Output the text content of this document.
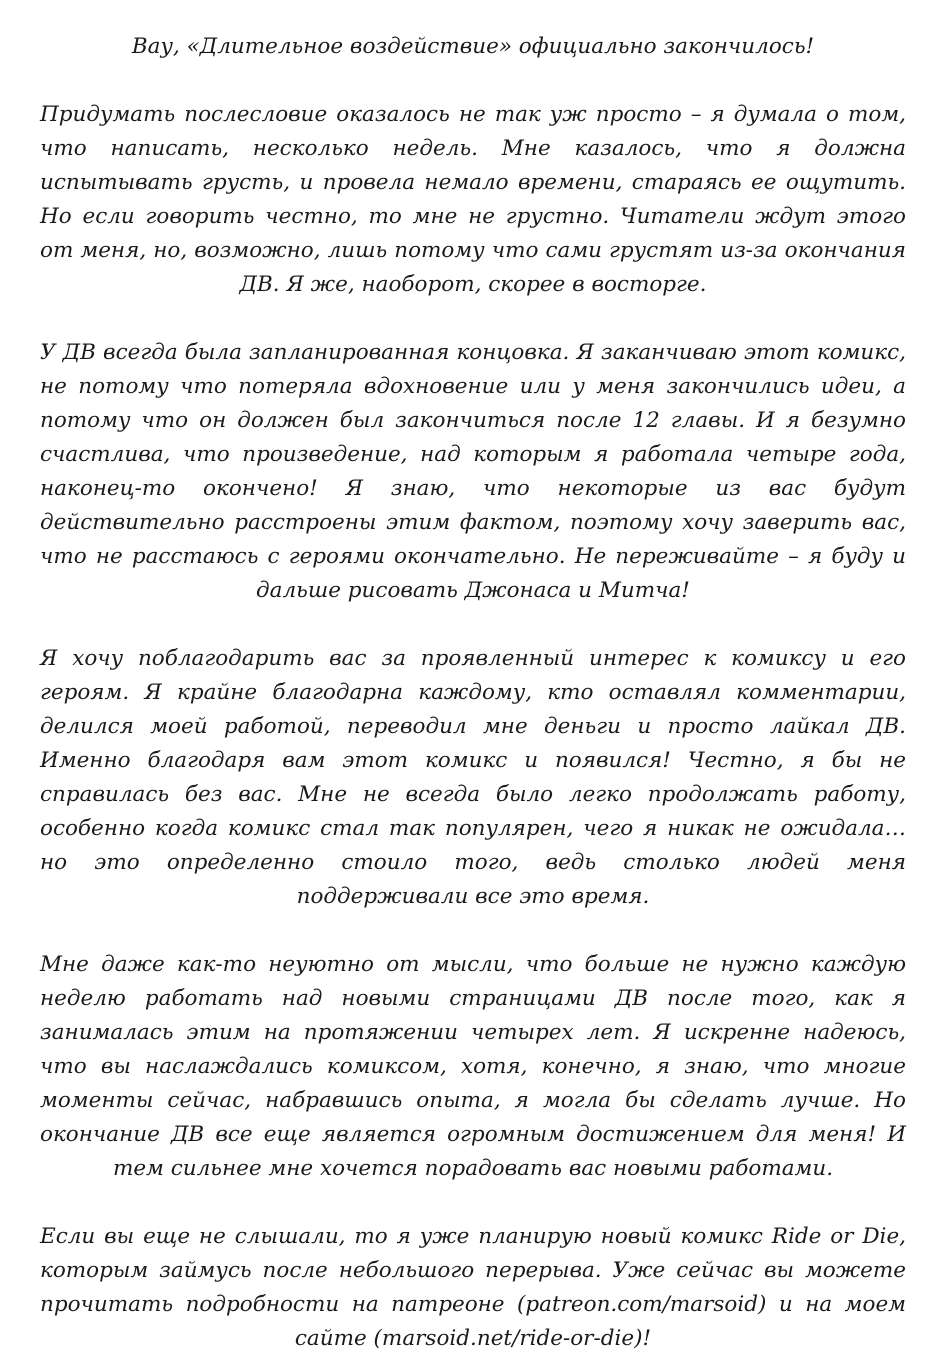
Вау, «Длительное воздействие» официально закончилось!

Придумать послесловие оказалось не так уж просто – я думала о том, что написать, несколько недель. Мне казалось, что я должна испытывать грусть, и провела немало времени, стараясь ее ощутить. Но если говорить честно, то мне не грустно. Читатели ждут этого от меня, но, возможно, лишь потому что сами грустят из-за окончания ДВ. Я же, наоборот, скорее в восторге.

У ДВ всегда была запланированная концовка. Я заканчиваю этот комикс, не потому что потеряла вдохновение или у меня закончились идеи, а потому что он должен был закончиться после 12 главы. И я безумно счастлива, что произведение, над которым я работала четыре года, наконец-то окончено! Я знаю, что некоторые из вас будут действительно расстроены этим фактом, поэтому хочу заверить вас, что не расстаюсь с героями окончательно. Не переживайте – я буду и дальше рисовать Джонаса и Митча!

Я хочу поблагодарить вас за проявленный интерес к комиксу и его героям. Я крайне благодарна каждому, кто оставлял комментарии, делился моей работой, переводил мне деньги и просто лайкал ДВ. Именно благодаря вам этот комикс и появился! Честно, я бы не справилась без вас. Мне не всегда было легко продолжать работу, особенно когда комикс стал так популярен, чего я никак не ожидала… но это определенно стоило того, ведь столько людей меня поддерживали все это время.

Мне даже как-то неуютно от мысли, что больше не нужно каждую неделю работать над новыми страницами ДВ после того, как я занималась этим на протяжении четырех лет. Я искренне надеюсь, что вы наслаждались комиксом, хотя, конечно, я знаю, что многие моменты сейчас, набравшись опыта, я могла бы сделать лучше. Но окончание ДВ все еще является огромным достижением для меня! И тем сильнее мне хочется порадовать вас новыми работами.

Если вы еще не слышали, то я уже планирую новый комикс Ride or Die, которым займусь после небольшого перерыва. Уже сейчас вы можете прочитать подробности на патреоне (patreon.com/marsoid) и на моем сайте (marsoid.net/ride-or-die)!
